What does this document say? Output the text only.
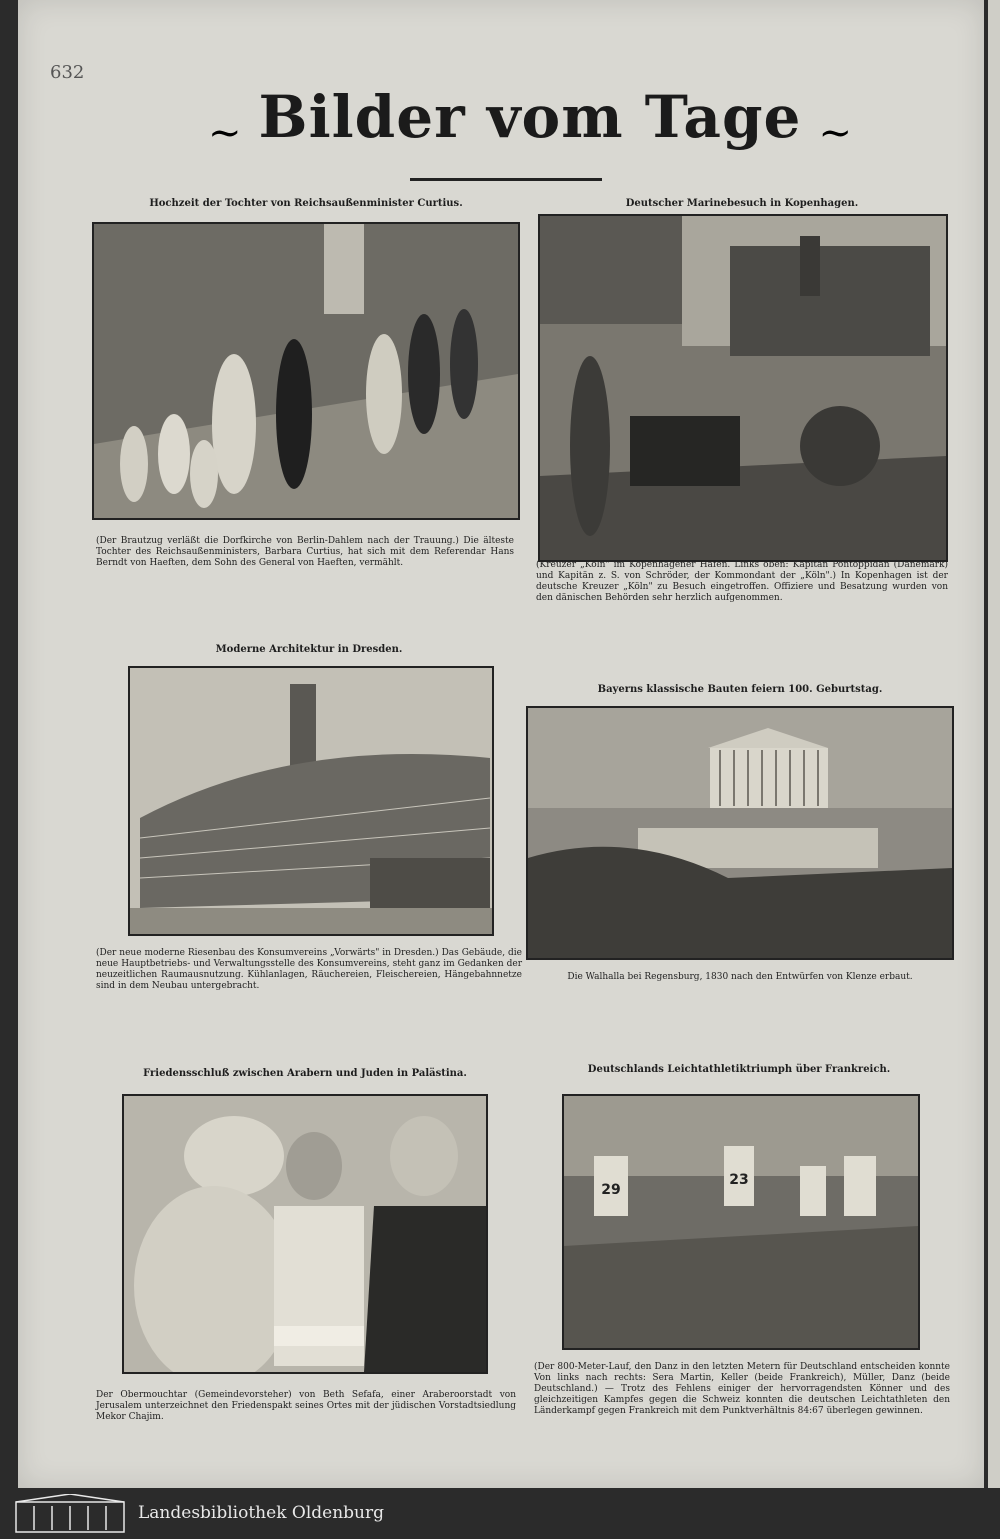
632
~ Bilder vom Tage ~
Hochzeit der Tochter von Reichsaußenminister Curtius.
(Der Brautzug verläßt die Dorfkirche von Berlin-Dahlem nach der Trauung.) Die älteste Tochter des Reichsaußenministers, Barbara Curtius, hat sich mit dem Referendar Hans Berndt von Haeften, dem Sohn des General von Haeften, vermählt.
Deutscher Marinebesuch in Kopenhagen.
(Kreuzer „Köln" im Kopenhagener Hafen. Links oben: Kapitän Pontoppidan (Dänemark) und Kapitän z. S. von Schröder, der Kommondant der „Köln".) In Kopenhagen ist der deutsche Kreuzer „Köln" zu Besuch eingetroffen. Offiziere und Besatzung wurden von den dänischen Behörden sehr herzlich aufgenommen.
Moderne Architektur in Dresden.
(Der neue moderne Riesenbau des Konsumvereins „Vorwärts" in Dresden.) Das Gebäude, die neue Hauptbetriebs- und Verwaltungsstelle des Konsumvereins, steht ganz im Gedanken der neuzeitlichen Raumausnutzung. Kühlanlagen, Räuchereien, Fleischereien, Hängebahnnetze sind in dem Neubau untergebracht.
Bayerns klassische Bauten feiern 100. Geburtstag.
Die Walhalla bei Regensburg, 1830 nach den Entwürfen von Klenze erbaut.
Friedensschluß zwischen Arabern und Juden in Palästina.
Der Obermouchtar (Gemeindevorsteher) von Beth Sefafa, einer Araberoorstadt von Jerusalem unterzeichnet den Friedenspakt seines Ortes mit der jüdischen Vorstadtsiedlung Mekor Chajim.
Deutschlands Leichtathletiktriumph über Frankreich.
29
23
(Der 800-Meter-Lauf, den Danz in den letzten Metern für Deutschland entscheiden konnte Von links nach rechts: Sera Martin, Keller (beide Frankreich), Müller, Danz (beide Deutschland.) — Trotz des Fehlens einiger der hervorragendsten Könner und des gleichzeitigen Kampfes gegen die Schweiz konnten die deutschen Leichtathleten den Länderkampf gegen Frankreich mit dem Punktverhältnis 84:67 überlegen gewinnen.
Landesbibliothek Oldenburg
